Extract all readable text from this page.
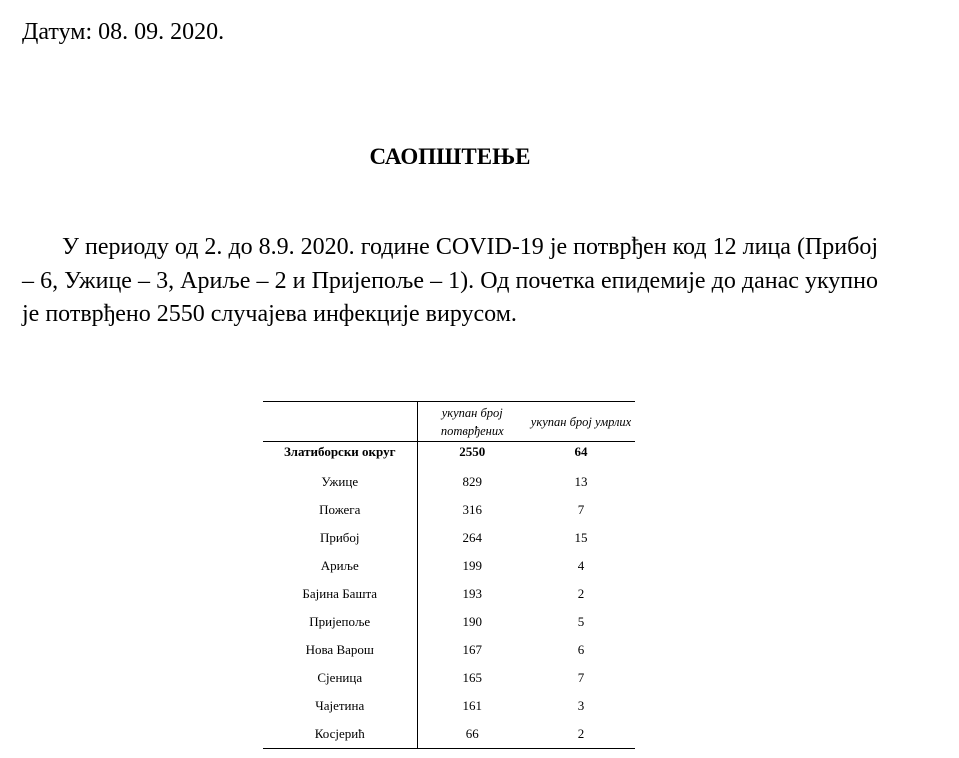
Датум: 08. 09. 2020.
САОПШТЕЊЕ

У периоду од 2. до 8.9. 2020. године COVID-19 је потврђен код 12 лица (Прибој – 6, Ужице – 3, Ариље – 2 и Пријепоље – 1). Од почетка епидемије до данас укупно је потврђено 2550 случајева инфекције вирусом.

	укупан број потврђених	укупан број умрлих
Златиборски округ	2550	64
Ужице	829	13
Пожега	316	7
Прибој	264	15
Ариље	199	4
Бајина Башта	193	2
Пријепоље	190	5
Нова Варош	167	6
Сјеница	165	7
Чајетина	161	3
Косјерић	66	2
